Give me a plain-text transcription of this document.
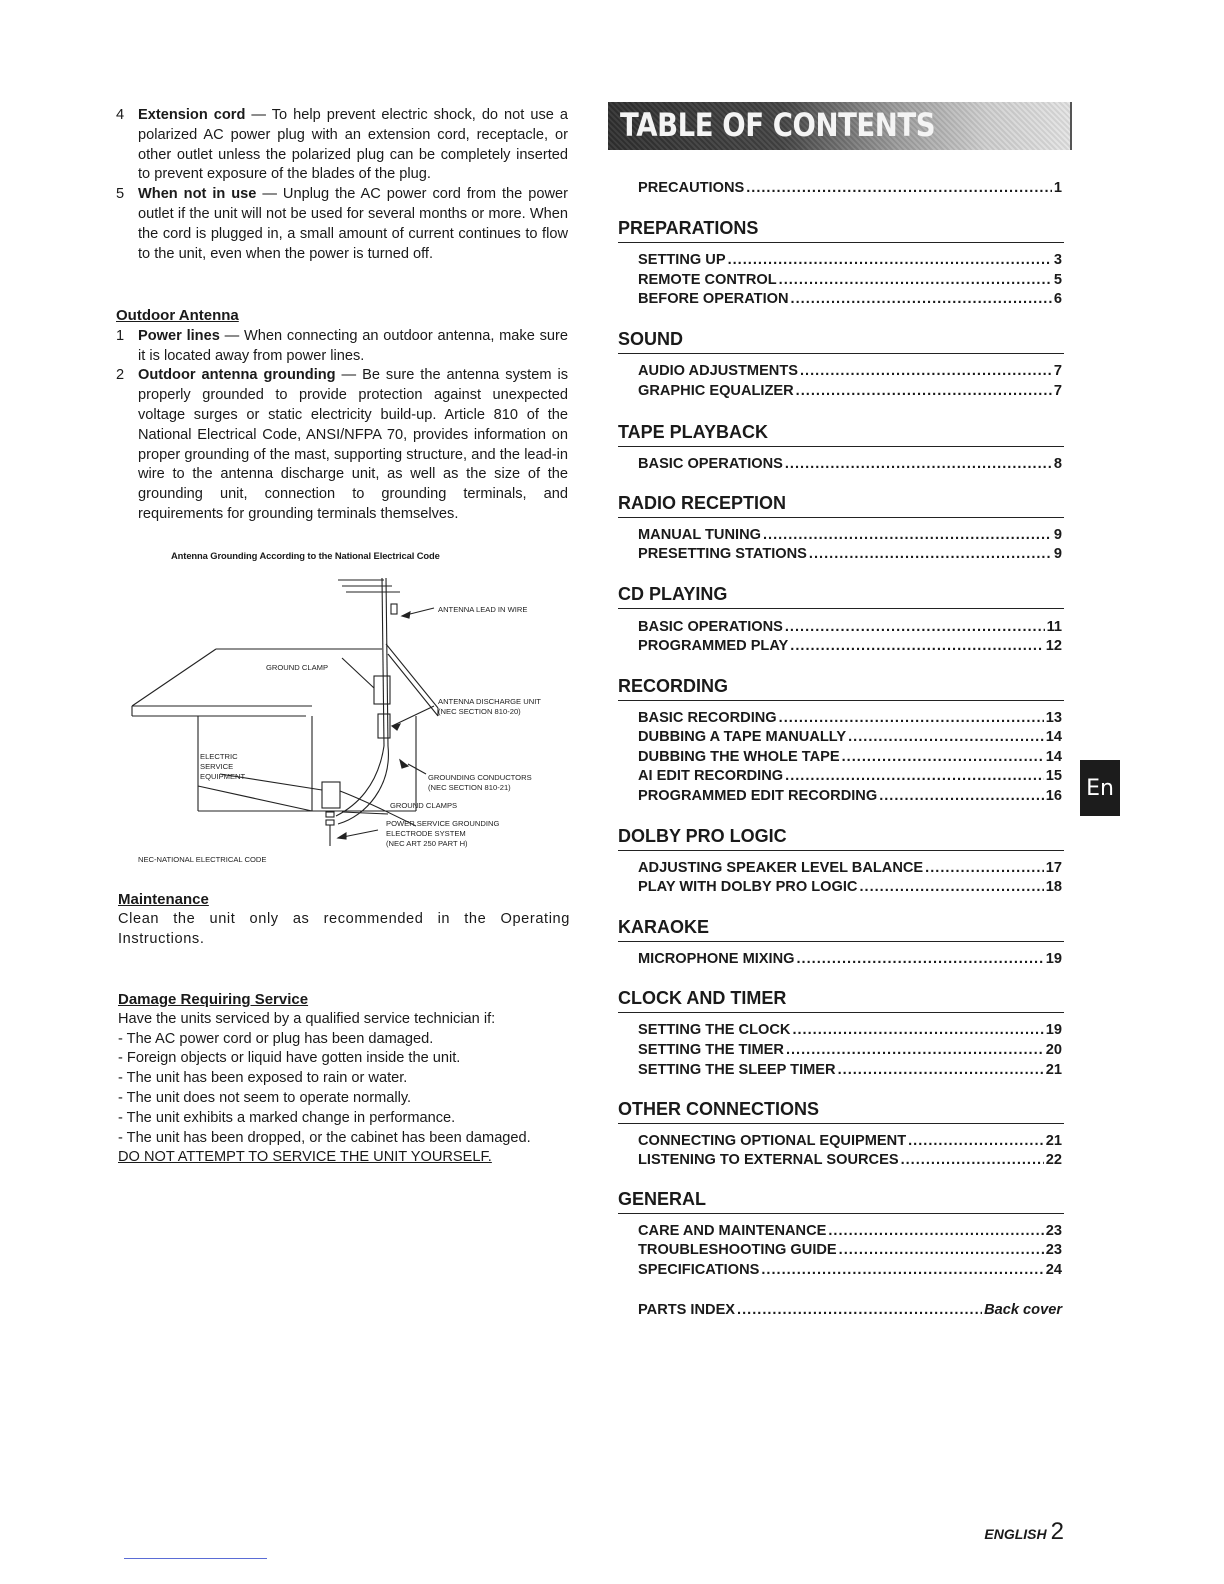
4 Extension cord — To help prevent electric shock, do not use a polarized AC power plug with an extension cord, receptacle, or other outlet unless the polarized plug can be completely inserted to prevent exposure of the blades of the plug.
5 When not in use — Unplug the AC power cord from the power outlet if the unit will not be used for several months or more. When the cord is plugged in, a small amount of current continues to flow to the unit, even when the power is turned off.

Outdoor Antenna

1 Power lines — When connecting an outdoor antenna, make sure it is located away from power lines.
2 Outdoor antenna grounding — Be sure the antenna system is properly grounded to provide protection against unexpected voltage surges or static electricity build-up. Article 810 of the National Electrical Code, ANSI/NFPA 70, provides information on proper grounding of the mast, supporting structure, and the lead-in wire to the antenna discharge unit, as well as the size of the grounding unit, connection to grounding terminals, and requirements for grounding terminals themselves.
Antenna Grounding According to the National Electrical Code
ANTENNA LEAD IN WIRE
GROUND CLAMP
ANTENNA DISCHARGE UNIT
(NEC SECTION 810-20)
ELECTRIC
SERVICE
EQUIPMENT	GROUNDING CONDUCTORS
(NEC SECTION 810-21)
GROUND CLAMPS
POWER SERVICE GROUNDING
ELECTRODE SYSTEM
(NEC ART 250 PART H)
NEC-NATIONAL ELECTRICAL CODE

Maintenance

Clean the unit only as recommended in the Operating Instructions.

Damage Requiring Service

Have the units serviced by a qualified service technician if:
- The AC power cord or plug has been damaged.
- Foreign objects or liquid have gotten inside the unit.
- The unit has been exposed to rain or water.
- The unit does not seem to operate normally.
- The unit exhibits a marked change in performance.
- The unit has been dropped, or the cabinet has been damaged.
DO NOT ATTEMPT TO SERVICE THE UNIT YOURSELF.
TABLE OF CONTENTS
PRECAUTIONS .....	1
PREPARATIONS
SETTING UP .....	3
REMOTE CONTROL .....	5
BEFORE OPERATION .....	6
SOUND
AUDIO ADJUSTMENTS .....	7
GRAPHIC EQUALIZER .....	7
TAPE PLAYBACK
BASIC OPERATIONS .....	8
RADIO RECEPTION
MANUAL TUNING .....	9
PRESETTING STATIONS .....	9
CD PLAYING
BASIC OPERATIONS .....	11
PROGRAMMED PLAY .....	12
RECORDING
BASIC RECORDING .....	13
DUBBING A TAPE MANUALLY .....	14
DUBBING THE WHOLE TAPE .....	14
AI EDIT RECORDING .....	15
PROGRAMMED EDIT RECORDING .....	16
DOLBY PRO LOGIC
ADJUSTING SPEAKER LEVEL BALANCE .....	17
PLAY WITH DOLBY PRO LOGIC .....	18
KARAOKE
MICROPHONE MIXING .....	19
CLOCK AND TIMER
SETTING THE CLOCK .....	19
SETTING THE TIMER .....	20
SETTING THE SLEEP TIMER .....	21
OTHER CONNECTIONS
CONNECTING OPTIONAL EQUIPMENT .....	21
LISTENING TO EXTERNAL SOURCES .....	22
GENERAL
CARE AND MAINTENANCE .....	23
TROUBLESHOOTING GUIDE .....	23
SPECIFICATIONS .....	24
PARTS INDEX .....	Back cover
En
ENGLISH 2
